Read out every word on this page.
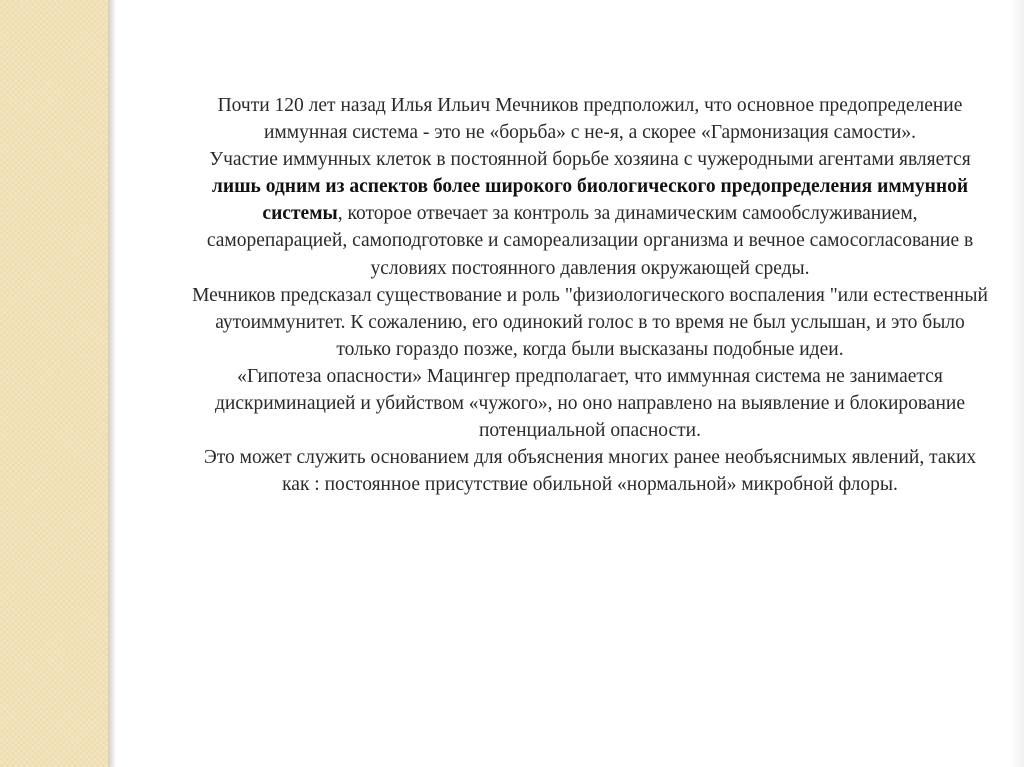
Почти 120 лет назад Илья Ильич Мечников предположил, что основное предопределение иммунная система - это не «борьба» с не-я, а скорее «Гармонизация самости».

Участие иммунных клеток в постоянной борьбе хозяина с чужеродными агентами является лишь одним из аспектов более широкого биологического предопределения иммунной системы, которое отвечает за контроль за динамическим самообслуживанием, саморепарацией, самоподготовке и самореализации организма и вечное самосогласование в условиях постоянного давления окружающей среды.

Мечников предсказал существование и роль "физиологического воспаления "или естественный аутоиммунитет. К сожалению, его одинокий голос в то время не был услышан, и это было только гораздо позже, когда были высказаны подобные идеи.

«Гипотеза опасности» Мацингер предполагает, что иммунная система не занимается дискриминацией и убийством «чужого», но оно направлено на выявление и блокирование потенциальной опасности.

Это может служить основанием для объяснения многих ранее необъяснимых явлений, таких как : постоянное присутствие обильной «нормальной» микробной флоры.
